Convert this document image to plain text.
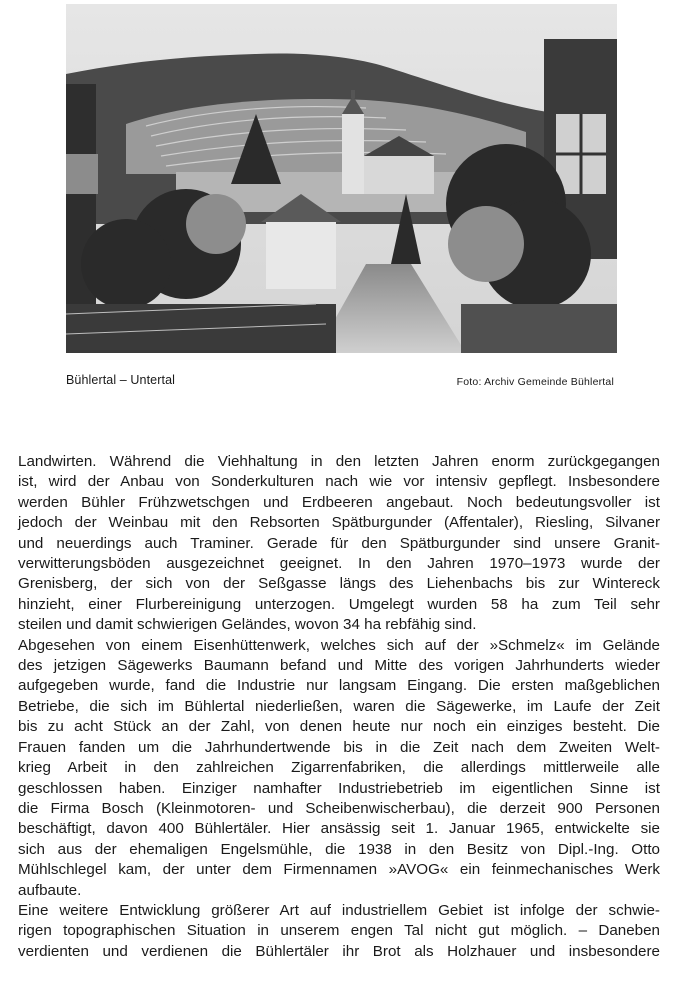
Bühlertal – Untertal	Foto: Archiv Gemeinde Bühlertal
Landwirten. Während die Viehhaltung in den letzten Jahren enorm zurückgegangen
ist, wird der Anbau von Sonderkulturen nach wie vor intensiv gepflegt. Insbesondere
werden Bühler Frühzwetschgen und Erdbeeren angebaut. Noch bedeutungsvoller ist
jedoch der Weinbau mit den Rebsorten Spätburgunder (Affentaler), Riesling, Silvaner
und neuerdings auch Traminer. Gerade für den Spätburgunder sind unsere Granit-
verwitterungsböden ausgezeichnet geeignet. In den Jahren 1970–1973 wurde der
Grenisberg, der sich von der Seßgasse längs des Liehenbachs bis zur Wintereck
hinzieht, einer Flurbereinigung unterzogen. Umgelegt wurden 58 ha zum Teil sehr
steilen und damit schwierigen Geländes, wovon 34 ha rebfähig sind.
Abgesehen von einem Eisenhüttenwerk, welches sich auf der »Schmelz« im Gelände
des jetzigen Sägewerks Baumann befand und Mitte des vorigen Jahrhunderts wieder
aufgegeben wurde, fand die Industrie nur langsam Eingang. Die ersten maßgeblichen
Betriebe, die sich im Bühlertal niederließen, waren die Sägewerke, im Laufe der Zeit
bis zu acht Stück an der Zahl, von denen heute nur noch ein einziges besteht. Die
Frauen fanden um die Jahrhundertwende bis in die Zeit nach dem Zweiten Welt-
krieg Arbeit in den zahlreichen Zigarrenfabriken, die allerdings mittlerweile alle
geschlossen haben. Einziger namhafter Industriebetrieb im eigentlichen Sinne ist
die Firma Bosch (Kleinmotoren- und Scheibenwischerbau), die derzeit 900 Personen
beschäftigt, davon 400 Bühlertäler. Hier ansässig seit 1. Januar 1965, entwickelte sie
sich aus der ehemaligen Engelsmühle, die 1938 in den Besitz von Dipl.-Ing. Otto
Mühlschlegel kam, der unter dem Firmennamen »AVOG« ein feinmechanisches Werk
aufbaute.
Eine weitere Entwicklung größerer Art auf industriellem Gebiet ist infolge der schwie-
rigen topographischen Situation in unserem engen Tal nicht gut möglich. – Daneben
verdienten und verdienen die Bühlertäler ihr Brot als Holzhauer und insbesondere
